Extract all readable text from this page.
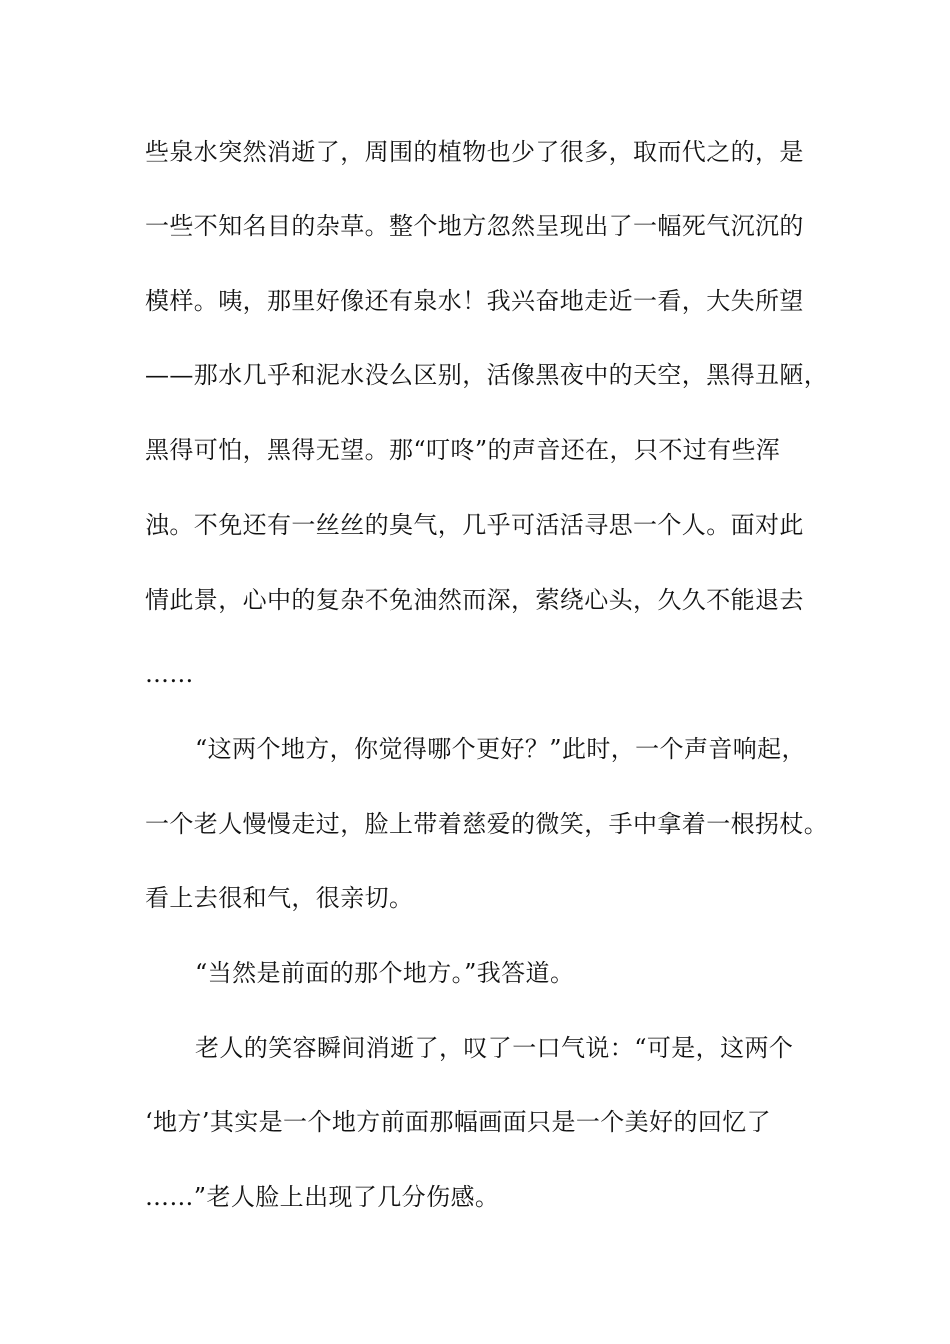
些泉水突然消逝了，周围的植物也少了很多，取而代之的，是
一些不知名目的杂草。整个地方忽然呈现出了一幅死气沉沉的
模样。咦，那里好像还有泉水！我兴奋地走近一看，大失所望
——那水几乎和泥水没么区别，活像黑夜中的天空，黑得丑陋，
黑得可怕，黑得无望。那“叮咚”的声音还在，只不过有些浑
浊。不免还有一丝丝的臭气，几乎可活活寻思一个人。面对此
情此景，心中的复杂不免油然而深，萦绕心头，久久不能退去
……
“这两个地方，你觉得哪个更好？”此时，一个声音响起，
一个老人慢慢走过，脸上带着慈爱的微笑，手中拿着一根拐杖。
看上去很和气，很亲切。
“当然是前面的那个地方。”我答道。
老人的笑容瞬间消逝了，叹了一口气说：“可是，这两个
‘地方’其实是一个地方前面那幅画面只是一个美好的回忆了
……”老人脸上出现了几分伤感。
